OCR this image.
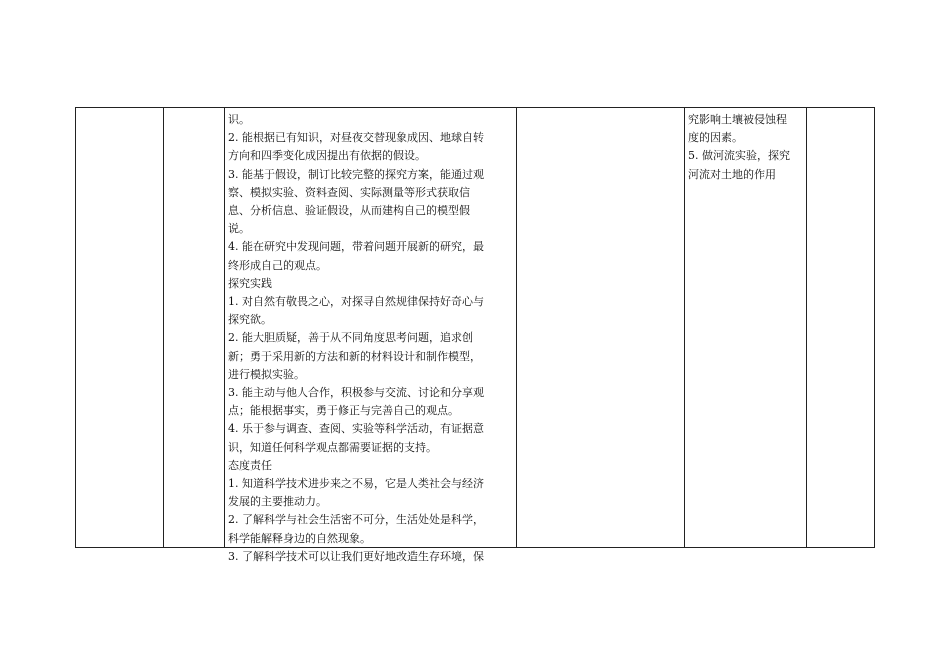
识。
2. 能根据已有知识，对昼夜交替现象成因、地球自转
方向和四季变化成因提出有依据的假设。
3. 能基于假设，制订比较完整的探究方案，能通过观
察、模拟实验、资料查阅、实际测量等形式获取信
息、分析信息、验证假设，从而建构自己的模型假
说。
4. 能在研究中发现问题，带着问题开展新的研究，最
终形成自己的观点。
探究实践
1. 对自然有敬畏之心，对探寻自然规律保持好奇心与
探究欲。
2. 能大胆质疑，善于从不同角度思考问题，追求创
新；勇于采用新的方法和新的材料设计和制作模型，
进行模拟实验。
3. 能主动与他人合作，积极参与交流、讨论和分享观
点；能根据事实，勇于修正与完善自己的观点。
4. 乐于参与调查、查阅、实验等科学活动，有证据意
识，知道任何科学观点都需要证据的支持。
态度责任
1. 知道科学技术进步来之不易，它是人类社会与经济
发展的主要推动力。
2. 了解科学与社会生活密不可分，生活处处是科学，
科学能解释身边的自然现象。
3. 了解科学技术可以让我们更好地改造生存环境，保
究影响土壤被侵蚀程
度的因素。
5. 做河流实验，探究
河流对土地的作用
